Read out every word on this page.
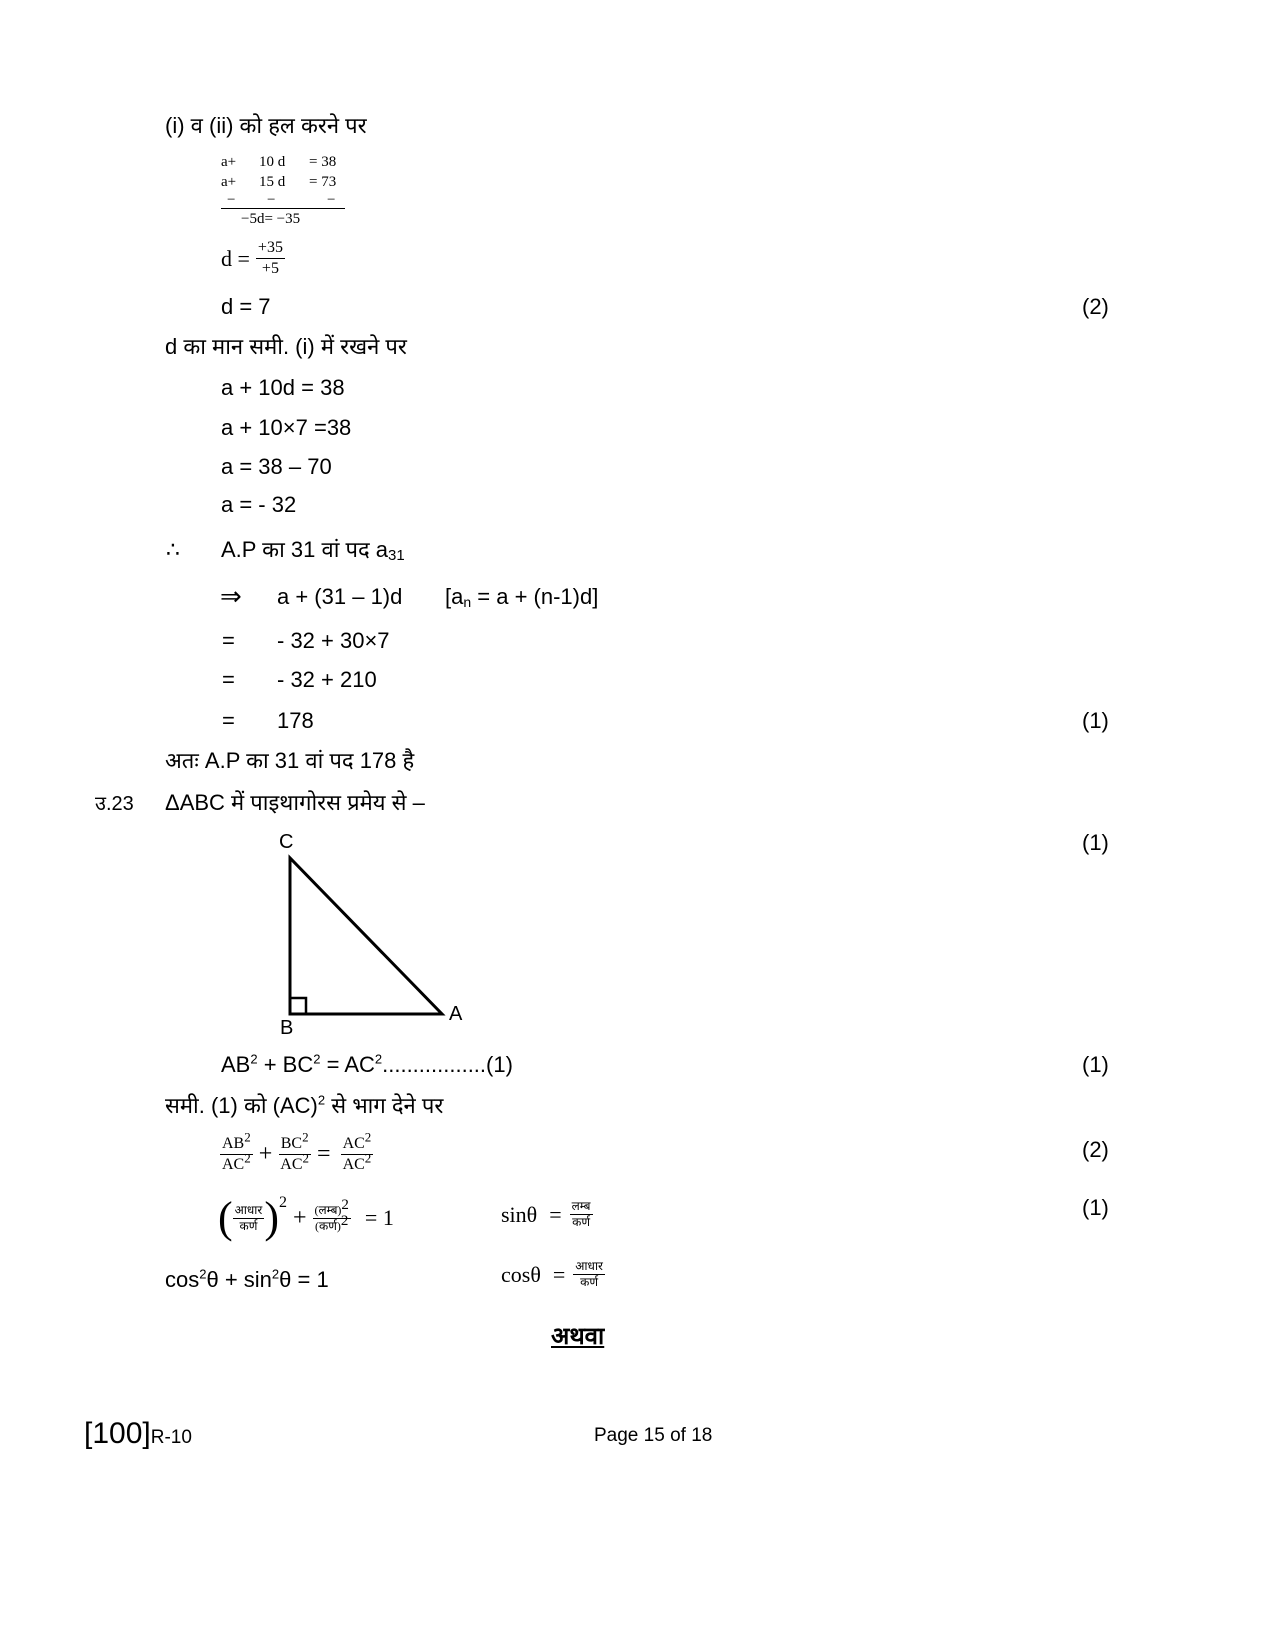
(i) व (ii) को हल करने पर
a+ 10 d = 38
a+ 15 d = 73
− −	−
−5d= −35
$d = \frac{+35}{+5}$
d = 7	(2)
d का मान समी. (i) में रखने पर
a + 10d = 38
a + 10×7 =38
a = 38 – 70
a = - 32
∴ A.P का 31 वां पद a31
⇒ a + (31 – 1)d [an = a + (n-1)d]
= - 32 + 30×7
= - 32 + 210
= 178	(1)
अतः A.P का 31 वां पद 178 है
उ.23 ΔABC में पाइथागोरस प्रमेय से –
(1)
C
B
A
$AB^2 + BC^2 = AC^2.................(1)$	(1)
समी. (1) को (AC)$^2$ से भाग देने पर
$\frac{AB^2}{AC^2} + \frac{BC^2}{AC^2} = \frac{AC^2}{AC^2}$	(2)
( $\frac{\text{आधार}}{\text{कर्ण}}$ ) 2
+ $\frac{(लम्ब)^2}{(कर्ण)^2} = 1$	$\sin\theta = \frac{\text{लम्ब}}{\text{कर्ण}}$	(1)
$\cos^2\theta + \sin^2\theta = 1$	$\cos\theta = \frac{\text{आधार}}{\text{कर्ण}}$
अथवा
[100]R-10	Page 15 of 18
